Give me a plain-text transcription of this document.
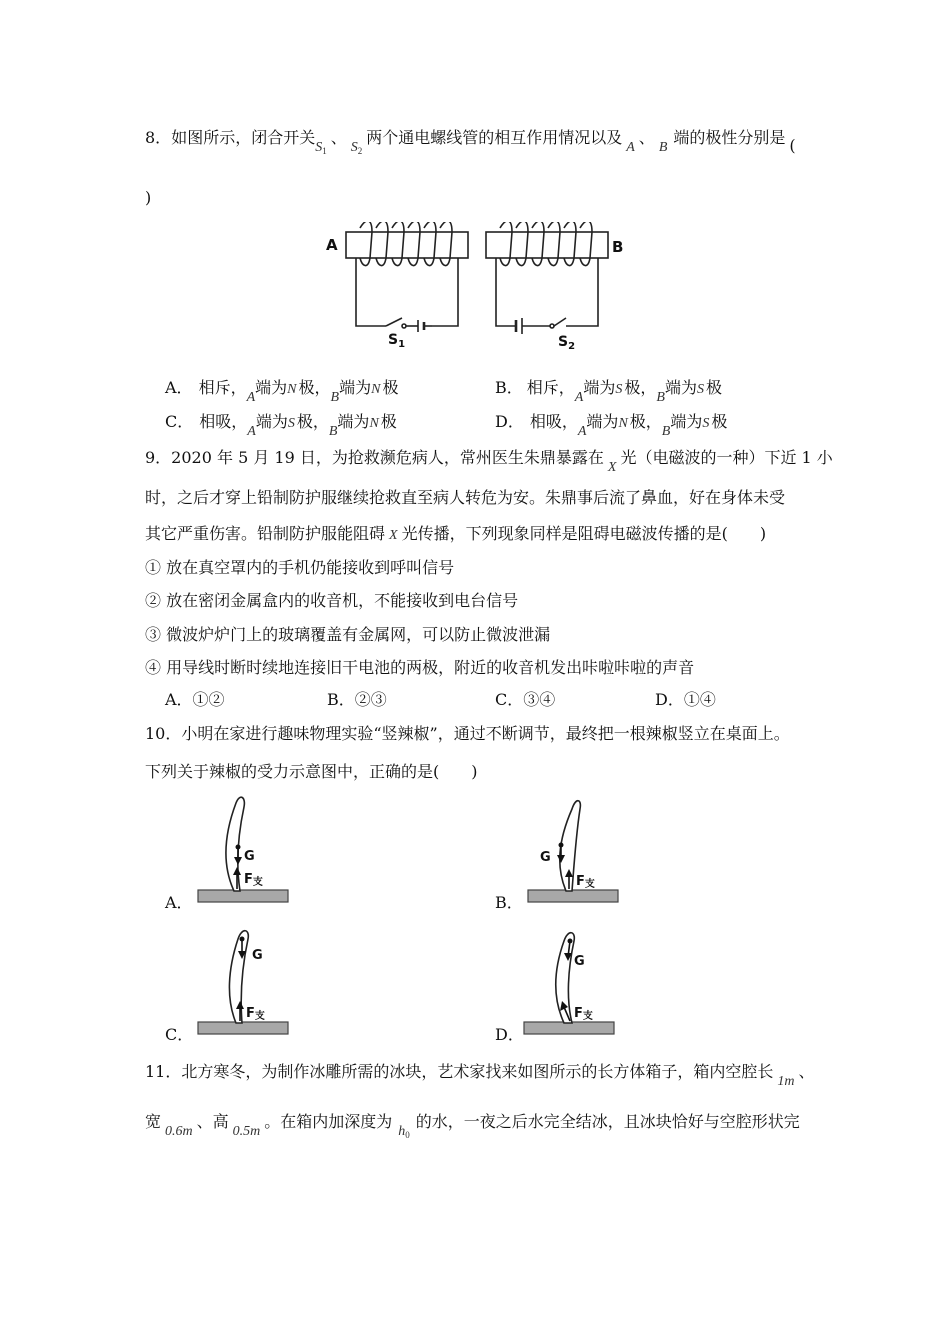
8．如图所示，闭合开关$S_1$、$S_2$两个通电螺线管的相互作用情况以及A、B端的极性分别是 (
)
A	B
$S_1$	$S_2$
A． 相斥，A端为N 极，B端为N 极	B． 相斥，A端为S 极，B端为S 极
C． 相吸，A端为S 极，B端为N 极	D． 相吸，A端为N 极，B端为S 极
9．2020 年 5 月 19 日，为抢救濒危病人，常州医生朱鼎暴露在X光（电磁波的一种）下近 1 小
时，之后才穿上铅制防护服继续抢救直至病人转危为安。朱鼎事后流了鼻血，好在身体未受
其它严重伤害。铅制防护服能阻碍 X 光传播，下列现象同样是阻碍电磁波传播的是(　　)
① 放在真空罩内的手机仍能接收到呼叫信号
② 放在密闭金属盒内的收音机，不能接收到电台信号
③ 微波炉炉门上的玻璃覆盖有金属网，可以防止微波泄漏
④ 用导线时断时续地连接旧干电池的两极，附近的收音机发出咔啦咔啦的声音
A．①②	B．②③	C．③④	D．①④
10．小明在家进行趣味物理实验“竖辣椒”，通过不断调节，最终把一根辣椒竖立在桌面上。
下列关于辣椒的受力示意图中，正确的是(　　)
G
F支
A．
G
F支
B．
G
F支
C．
G
F支
D．
11．北方寒冬，为制作冰雕所需的冰块，艺术家找来如图所示的长方体箱子，箱内空腔长1m、
宽0.6m、高0.5m。在箱内加深度为$h_0$的水，一夜之后水完全结冰，且冰块恰好与空腔形状完
